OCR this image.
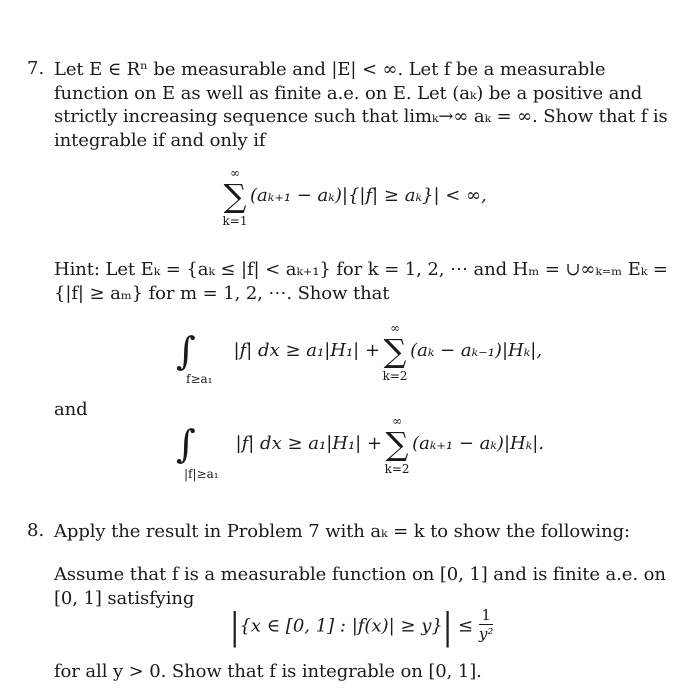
7. Let E ∈ Rⁿ be measurable and |E| < ∞. Let f be a measurable
function on E as well as finite a.e. on E. Let (aₖ) be a positive and
strictly increasing sequence such that limₖ→∞ aₖ = ∞. Show that f is
integrable if and only if
∞
∑
k=1
(aₖ₊₁ − aₖ)|{|f| ≥ aₖ}| < ∞,
Hint: Let Eₖ = {aₖ ≤ |f| < aₖ₊₁} for k = 1, 2, ⋯ and Hₘ = ∪∞ₖ₌ₘ Eₖ =
{|f| ≥ aₘ} for m = 1, 2, ⋯. Show that
∫
f≥a₁
|f| dx ≥ a₁|H₁| +
∞
∑
k=2
(aₖ − aₖ₋₁)|Hₖ|,
and
∫
|f|≥a₁
|f| dx ≥ a₁|H₁| +
∞
∑
k=2
(aₖ₊₁ − aₖ)|Hₖ|.
8. Apply the result in Problem 7 with aₖ = k to show the following:
Assume that f is a measurable function on [0, 1] and is finite a.e. on
[0, 1] satisfying
|{x ∈ [0, 1] : $|f(x)| \ge y\}| \le \frac{1}{\text{y²}}$
for all y > 0. Show that f is integrable on [0, 1].
